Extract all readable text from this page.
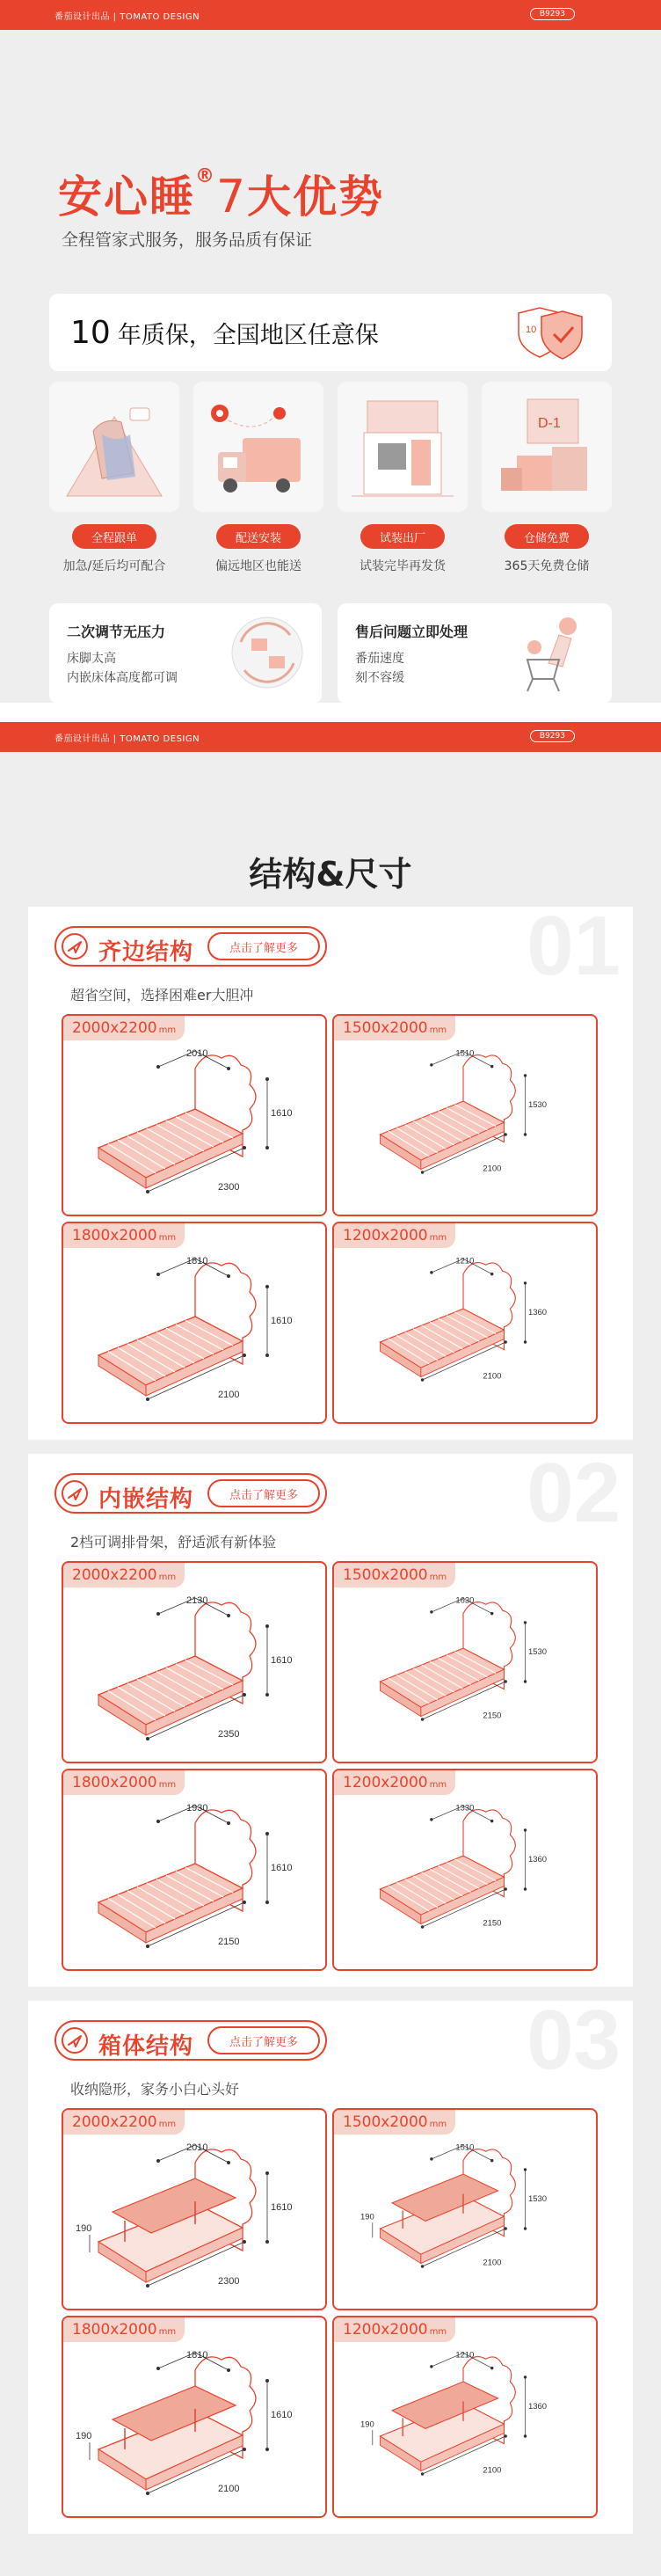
番茄设计出品 | TOMATO DESIGN	B9293
安心睡®7大优势
全程管家式服务，服务品质有保证
10 年质保，全国地区任意保	10
全程跟单
加急/延后均可配合
配送安装
偏远地区也能送
试装出厂
试装完毕再发货
D-1
仓储免费
365天免费仓储
二次调节无压力
床脚太高
内嵌床体高度都可调
售后问题立即处理
番茄速度
刻不容缓
番茄设计出品 | TOMATO DESIGN	B9293
结构&尺寸
01
齐边结构	点击了解更多
超省空间，选择困难er大胆冲
2000x2200 mm
2010
1610
2300
1500x2000 mm
1510
1530
2100
1800x2000 mm
1810
1610
2100
1200x2000 mm
1210
1360
2100
02
内嵌结构	点击了解更多
2档可调排骨架，舒适派有新体验
2000x2200 mm
2130
1610
2350
1500x2000 mm
1630
1530
2150
1800x2000 mm
1930
1610
2150
1200x2000 mm
1330
1360
2150
03
箱体结构	点击了解更多
收纳隐形，家务小白心头好
2000x2200 mm
2010
1610
2300
190
1500x2000 mm
1510
1530
2100
190
1800x2000 mm
1810
1610
2100
190
1200x2000 mm
1210
1360
2100
190
